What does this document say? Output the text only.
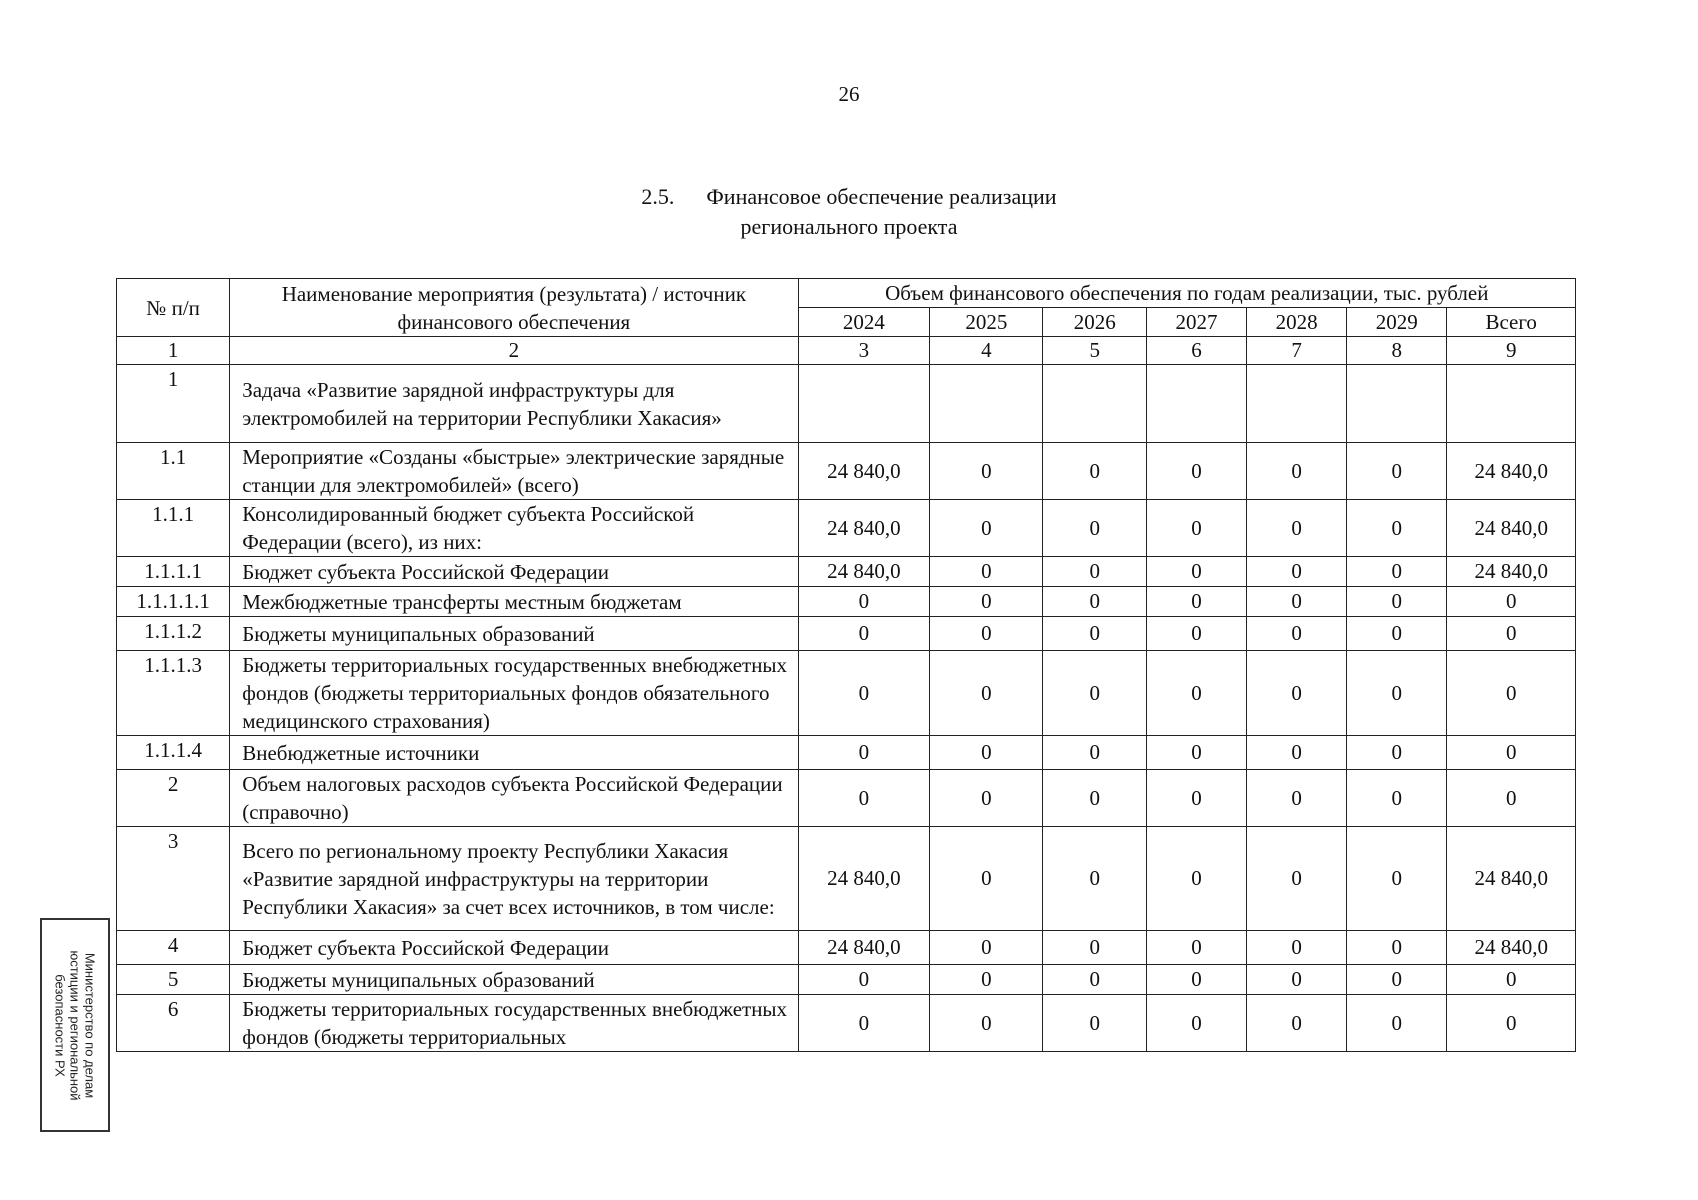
26
2.5. Финансовое обеспечение реализации
регионального проекта
№ п/п	Наименование мероприятия (результата) / источник финансового обеспечения	Объем финансового обеспечения по годам реализации, тыс. рублей						
		2024	2025	2026	2027	2028	2029	Всего
1	2	3	4	5	6	7	8	9
1	Задача «Развитие зарядной инфраструктуры для электромобилей на территории Республики Хакасия»							
1.1	Мероприятие «Созданы «быстрые» электрические зарядные станции для электромобилей» (всего)	24 840,0	0	0	0	0	0	24 840,0
1.1.1	Консолидированный бюджет субъекта Российской Федерации (всего), из них:	24 840,0	0	0	0	0	0	24 840,0
1.1.1.1	Бюджет субъекта Российской Федерации	24 840,0	0	0	0	0	0	24 840,0
1.1.1.1.1	Межбюджетные трансферты местным бюджетам	0	0	0	0	0	0	0
1.1.1.2	Бюджеты муниципальных образований	0	0	0	0	0	0	0
1.1.1.3	Бюджеты территориальных государственных внебюджетных фондов (бюджеты территориальных фондов обязательного медицинского страхования)	0	0	0	0	0	0	0
1.1.1.4	Внебюджетные источники	0	0	0	0	0	0	0
2	Объем налоговых расходов субъекта Российской Федерации (справочно)	0	0	0	0	0	0	0
3	Всего по региональному проекту Республики Хакасия «Развитие зарядной инфраструктуры на территории Республики Хакасия» за счет всех источников, в том числе:	24 840,0	0	0	0	0	0	24 840,0
4	Бюджет субъекта Российской Федерации	24 840,0	0	0	0	0	0	24 840,0
5	Бюджеты муниципальных образований	0	0	0	0	0	0	0
6	Бюджеты территориальных государственных внебюджетных фондов (бюджеты территориальных	0	0	0	0	0	0	0
Министерство по делам
юстиции и региональной
безопасности РХ
